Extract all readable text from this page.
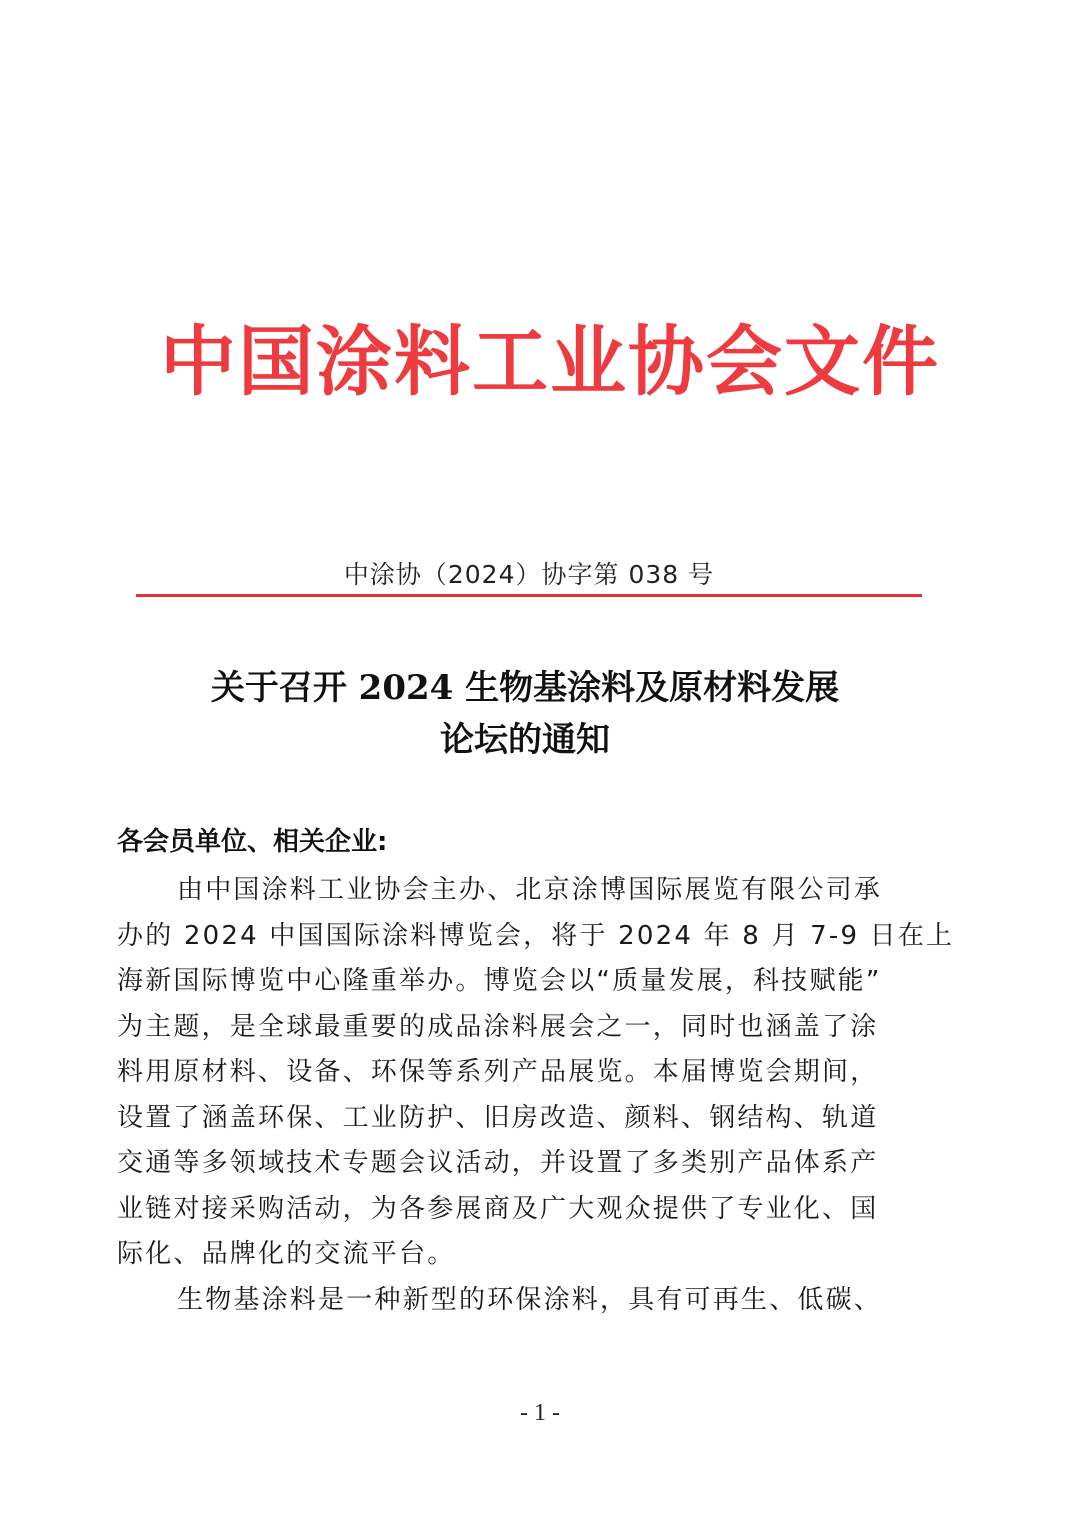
中国涂料工业协会文件
中涂协（2024）协字第 038 号
关于召开 2024 生物基涂料及原材料发展
论坛的通知
各会员单位、相关企业:
由中国涂料工业协会主办、北京涂博国际展览有限公司承
办的 2024 中国国际涂料博览会，将于 2024 年 8 月 7-9 日在上
海新国际博览中心隆重举办。博览会以“质量发展，科技赋能”
为主题，是全球最重要的成品涂料展会之一，同时也涵盖了涂
料用原材料、设备、环保等系列产品展览。本届博览会期间，
设置了涵盖环保、工业防护、旧房改造、颜料、钢结构、轨道
交通等多领域技术专题会议活动，并设置了多类别产品体系产
业链对接采购活动，为各参展商及广大观众提供了专业化、国
际化、品牌化的交流平台。
生物基涂料是一种新型的环保涂料，具有可再生、低碳、
- 1 -
